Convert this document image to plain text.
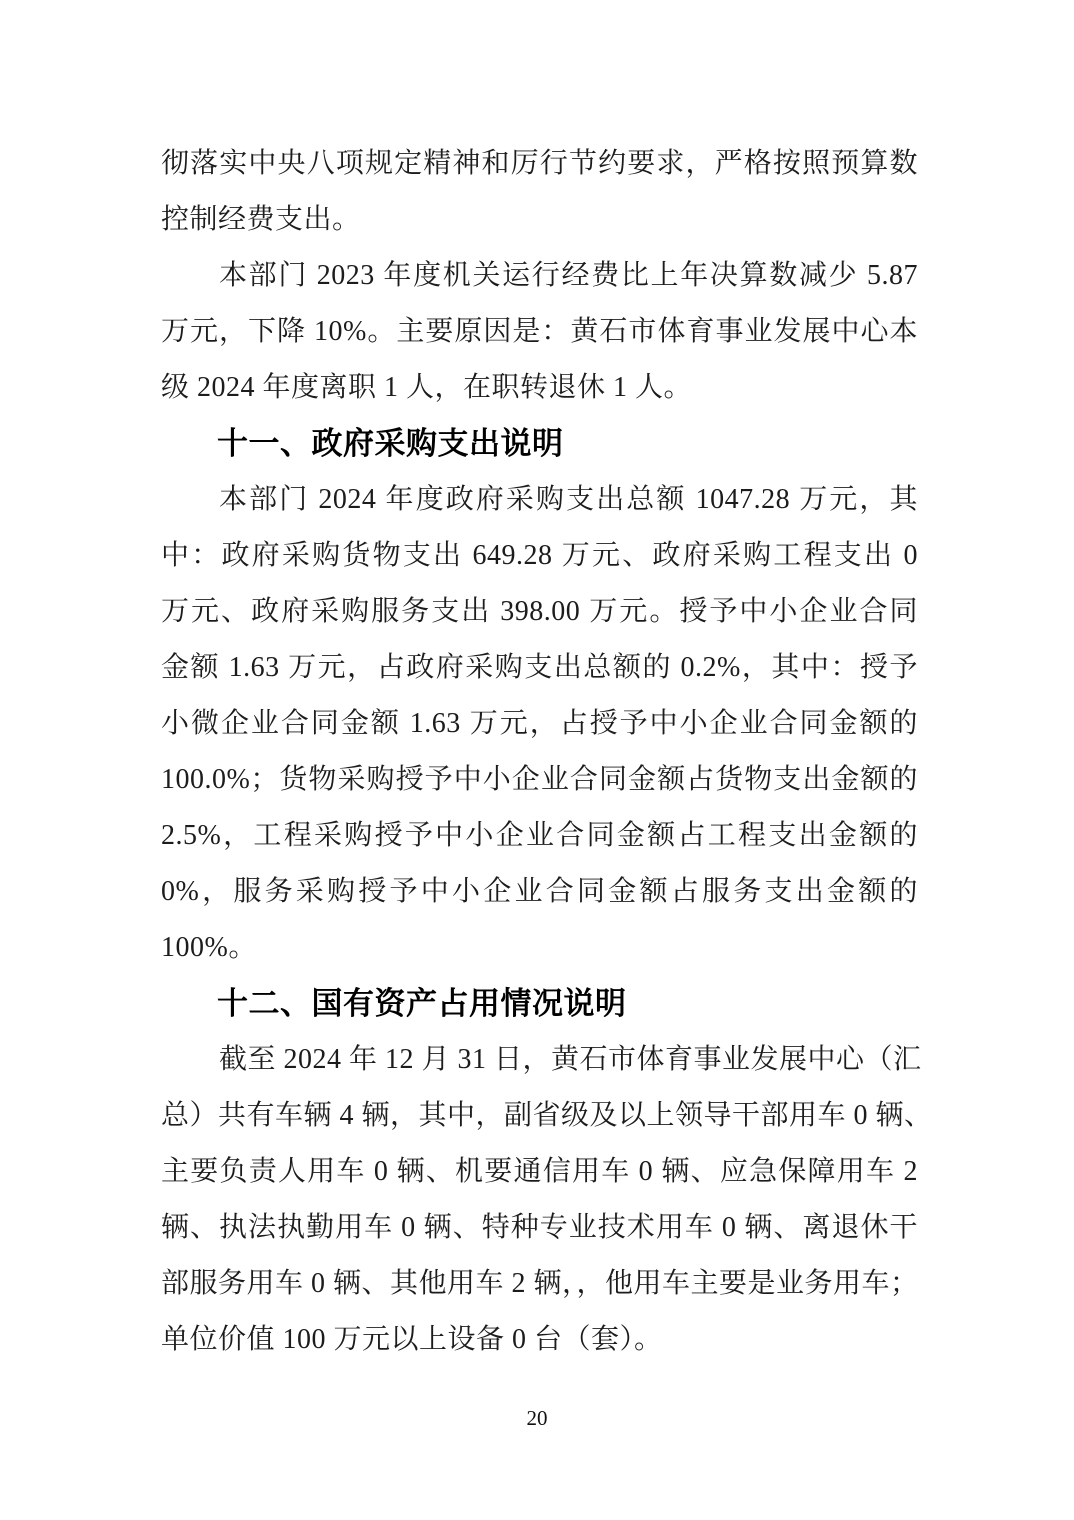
彻落实中央八项规定精神和厉行节约要求，严格按照预算数
控制经费支出。
本部门 2023 年度机关运行经费比上年决算数减少 5.87
万元，下降 10%。主要原因是：黄石市体育事业发展中心本
级 2024 年度离职 1 人，在职转退休 1 人。
十一、政府采购支出说明
本部门 2024 年度政府采购支出总额 1047.28 万元，其
中：政府采购货物支出 649.28 万元、政府采购工程支出 0
万元、政府采购服务支出 398.00 万元。授予中小企业合同
金额 1.63 万元，占政府采购支出总额的 0.2%，其中：授予
小微企业合同金额 1.63 万元，占授予中小企业合同金额的
100.0%；货物采购授予中小企业合同金额占货物支出金额的
2.5%，工程采购授予中小企业合同金额占工程支出金额的
0%，服务采购授予中小企业合同金额占服务支出金额的
100%。
十二、国有资产占用情况说明
截至 2024 年 12 月 31 日，黄石市体育事业发展中心（汇
总）共有车辆 4 辆，其中，副省级及以上领导干部用车 0 辆、
主要负责人用车 0 辆、机要通信用车 0 辆、应急保障用车 2
辆、执法执勤用车 0 辆、特种专业技术用车 0 辆、离退休干
部服务用车 0 辆、其他用车 2 辆，，他用车主要是业务用车；
单位价值 100 万元以上设备 0 台（套）。
20
